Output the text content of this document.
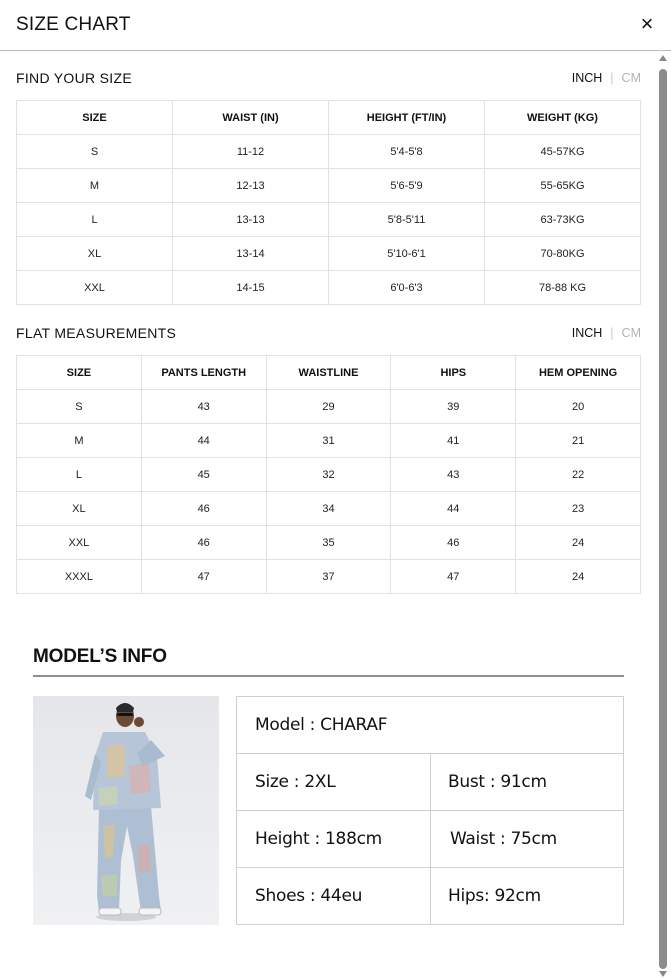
SIZE CHART	×
FIND YOUR SIZE	INCH | CM
SIZE	WAIST (IN)	HEIGHT (FT/IN)	WEIGHT (KG)
S	11-12	5'4-5'8	45-57KG
M	12-13	5'6-5'9	55-65KG
L	13-13	5'8-5'11	63-73KG
XL	13-14	5'10-6'1	70-80KG
XXL	14-15	6'0-6'3	78-88 KG
FLAT MEASUREMENTS	INCH | CM
SIZE	PANTS LENGTH	WAISTLINE	HIPS	HEM OPENING
S	43	29	39	20
M	44	31	41	21
L	45	32	43	22
XL	46	34	44	23
XXL	46	35	46	24
XXXL	47	37	47	24
MODEL’S INFO
Model : CHARAF
Size : 2XL	Bust : 91cm
Height : 188cm	Waist : 75cm
Shoes : 44eu	Hips: 92cm
